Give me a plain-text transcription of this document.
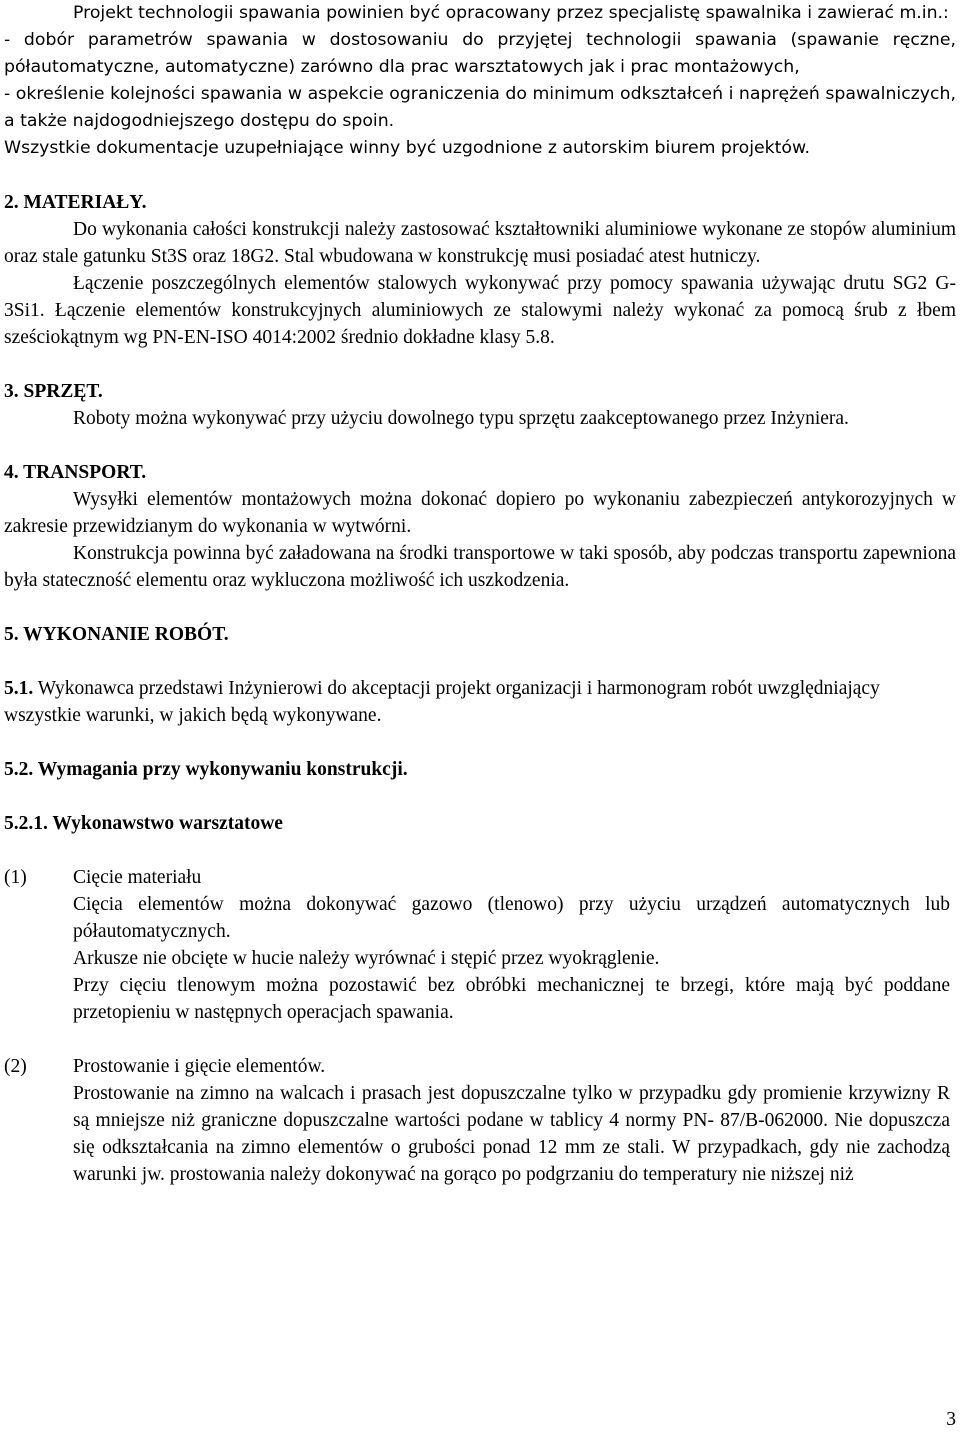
Projekt technologii spawania powinien być opracowany przez specjalistę spawalnika i zawierać m.in.:

- dobór parametrów spawania w dostosowaniu do przyjętej technologii spawania (spawanie ręczne, półautomatyczne, automatyczne) zarówno dla prac warsztatowych jak i prac montażowych,

- określenie kolejności spawania w aspekcie ograniczenia do minimum odkształceń i naprężeń spawalniczych, a także najdogodniejszego dostępu do spoin.

Wszystkie dokumentacje uzupełniające winny być uzgodnione z autorskim biurem projektów.

2. MATERIAŁY.

Do wykonania całości konstrukcji należy zastosować kształtowniki aluminiowe wykonane ze stopów aluminium oraz stale gatunku St3S oraz 18G2. Stal wbudowana w konstrukcję musi posiadać atest hutniczy.

Łączenie poszczególnych elementów stalowych wykonywać przy pomocy spawania używając drutu SG2 G-3Si1. Łączenie elementów konstrukcyjnych aluminiowych ze stalowymi należy wykonać za pomocą śrub z łbem sześciokątnym wg PN-EN-ISO 4014:2002 średnio dokładne klasy 5.8.

3. SPRZĘT.

Roboty można wykonywać przy użyciu dowolnego typu sprzętu zaakceptowanego przez Inżyniera.

4. TRANSPORT.

Wysyłki elementów montażowych można dokonać dopiero po wykonaniu zabezpieczeń antykorozyjnych w zakresie przewidzianym do wykonania w wytwórni.

Konstrukcja powinna być załadowana na środki transportowe w taki sposób, aby podczas transportu zapewniona była stateczność elementu oraz wykluczona możliwość ich uszkodzenia.

5. WYKONANIE ROBÓT.

5.1. Wykonawca przedstawi Inżynierowi do akceptacji projekt organizacji i harmonogram robót uwzględniający wszystkie warunki, w jakich będą wykonywane.

5.2. Wymagania przy wykonywaniu konstrukcji.

5.2.1. Wykonawstwo warsztatowe

(1)	Cięcie materiału

Cięcia elementów można dokonywać gazowo (tlenowo) przy użyciu urządzeń automatycznych lub półautomatycznych.

Arkusze nie obcięte w hucie należy wyrównać i stępić przez wyokrąglenie.

Przy cięciu tlenowym można pozostawić bez obróbki mechanicznej te brzegi, które mają być poddane przetopieniu w następnych operacjach spawania.

(2)	Prostowanie i gięcie elementów.

Prostowanie na zimno na walcach i prasach jest dopuszczalne tylko w przypadku gdy promienie krzywizny R są mniejsze niż graniczne dopuszczalne wartości podane w tablicy 4 normy PN- 87/B-062000. Nie dopuszcza się odkształcania na zimno elementów o grubości ponad 12 mm ze stali. W przypadkach, gdy nie zachodzą warunki jw. prostowania należy dokonywać na gorąco po podgrzaniu do temperatury nie niższej niż

3
